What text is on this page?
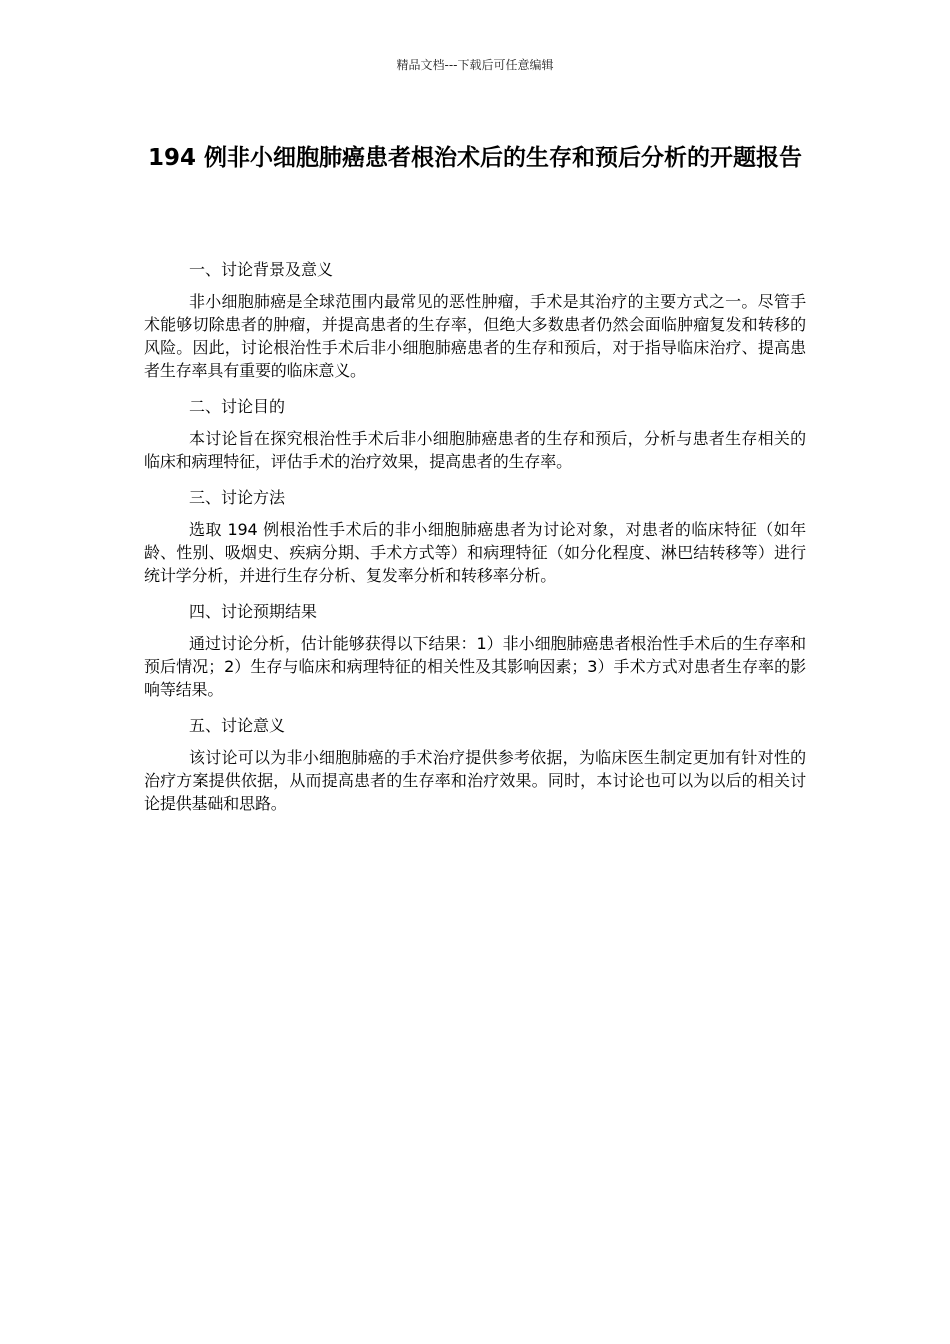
精品文档---下载后可任意编辑
194 例非小细胞肺癌患者根治术后的生存和预后分析的开题报告

一、讨论背景及意义

非小细胞肺癌是全球范围内最常见的恶性肿瘤，手术是其治疗的主要方式之一。尽管手术能够切除患者的肿瘤，并提高患者的生存率，但绝大多数患者仍然会面临肿瘤复发和转移的风险。因此，讨论根治性手术后非小细胞肺癌患者的生存和预后，对于指导临床治疗、提高患者生存率具有重要的临床意义。

二、讨论目的

本讨论旨在探究根治性手术后非小细胞肺癌患者的生存和预后，分析与患者生存相关的临床和病理特征，评估手术的治疗效果，提高患者的生存率。

三、讨论方法

选取 194 例根治性手术后的非小细胞肺癌患者为讨论对象，对患者的临床特征（如年龄、性别、吸烟史、疾病分期、手术方式等）和病理特征（如分化程度、淋巴结转移等）进行统计学分析，并进行生存分析、复发率分析和转移率分析。

四、讨论预期结果

通过讨论分析，估计能够获得以下结果：1）非小细胞肺癌患者根治性手术后的生存率和预后情况；2）生存与临床和病理特征的相关性及其影响因素；3）手术方式对患者生存率的影响等结果。

五、讨论意义

该讨论可以为非小细胞肺癌的手术治疗提供参考依据，为临床医生制定更加有针对性的治疗方案提供依据，从而提高患者的生存率和治疗效果。同时，本讨论也可以为以后的相关讨论提供基础和思路。
